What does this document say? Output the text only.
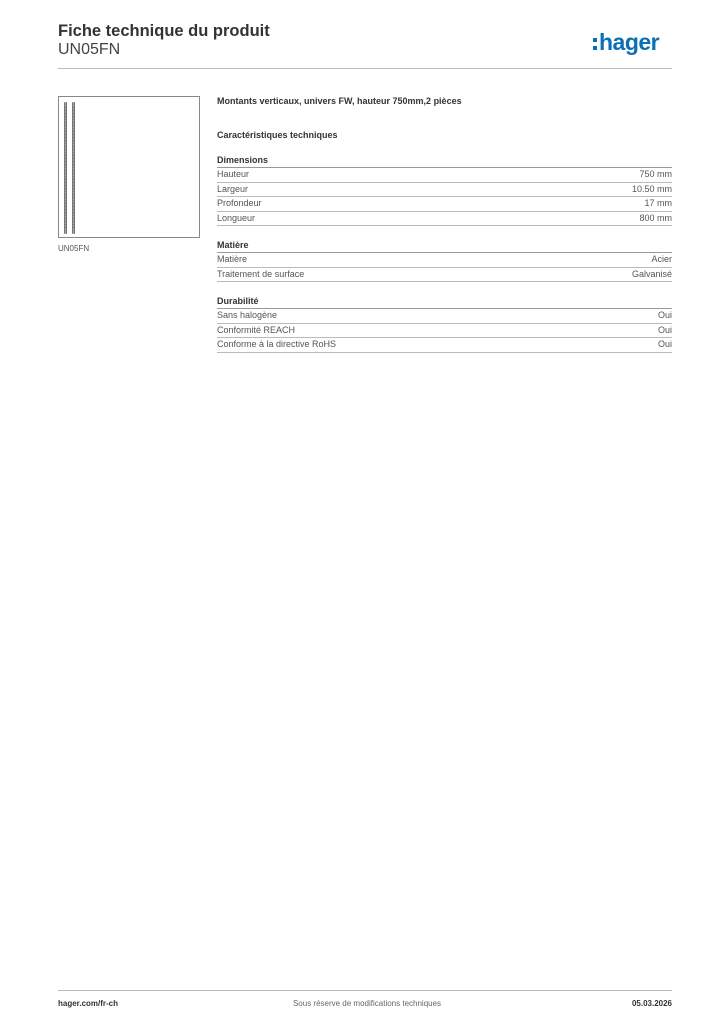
Fiche technique du produit
UN05FN	hager
UN05FN
Montants verticaux, univers FW, hauteur 750mm,2 pièces
Caractéristiques techniques
Dimensions
Hauteur	750 mm
Largeur	10.50 mm
Profondeur	17 mm
Longueur	800 mm
Matière
Matière	Acier
Traitement de surface	Galvanisé
Durabilité
Sans halogène	Oui
Conformité REACH	Oui
Conforme à la directive RoHS	Oui
hager.com/fr-ch	Sous réserve de modifications techniques	05.03.2026
